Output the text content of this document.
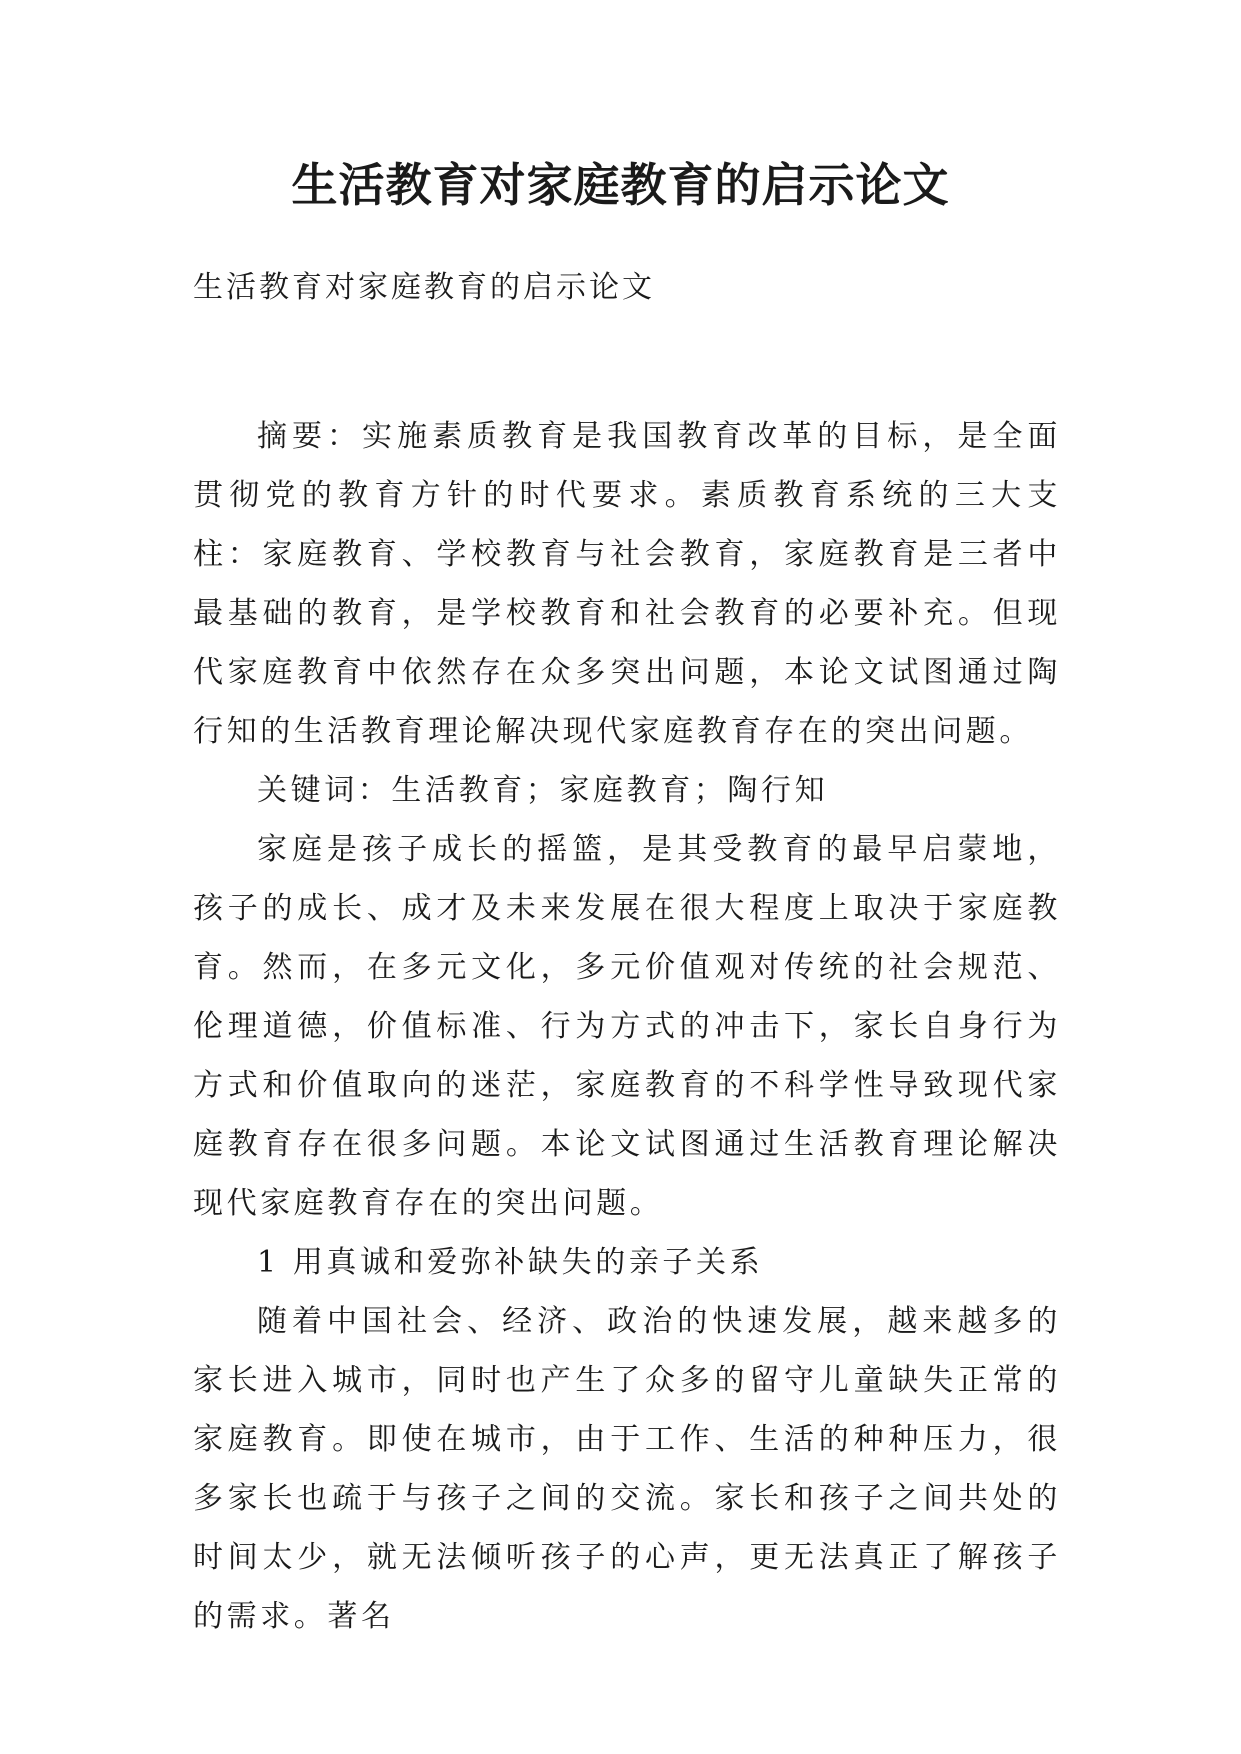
生活教育对家庭教育的启示论文

生活教育对家庭教育的启示论文

摘要：实施素质教育是我国教育改革的目标，是全面贯彻党的教育方针的时代要求。素质教育系统的三大支柱：家庭教育、学校教育与社会教育，家庭教育是三者中最基础的教育，是学校教育和社会教育的必要补充。但现代家庭教育中依然存在众多突出问题，本论文试图通过陶行知的生活教育理论解决现代家庭教育存在的突出问题。

关键词：生活教育；家庭教育；陶行知

家庭是孩子成长的摇篮，是其受教育的最早启蒙地，孩子的成长、成才及未来发展在很大程度上取决于家庭教育。然而，在多元文化，多元价值观对传统的社会规范、伦理道德，价值标准、行为方式的冲击下，家长自身行为方式和价值取向的迷茫，家庭教育的不科学性导致现代家庭教育存在很多问题。本论文试图通过生活教育理论解决现代家庭教育存在的突出问题。

1 用真诚和爱弥补缺失的亲子关系

随着中国社会、经济、政治的快速发展，越来越多的家长进入城市，同时也产生了众多的留守儿童缺失正常的家庭教育。即使在城市，由于工作、生活的种种压力，很多家长也疏于与孩子之间的交流。家长和孩子之间共处的时间太少，就无法倾听孩子的心声，更无法真正了解孩子的需求。著名
